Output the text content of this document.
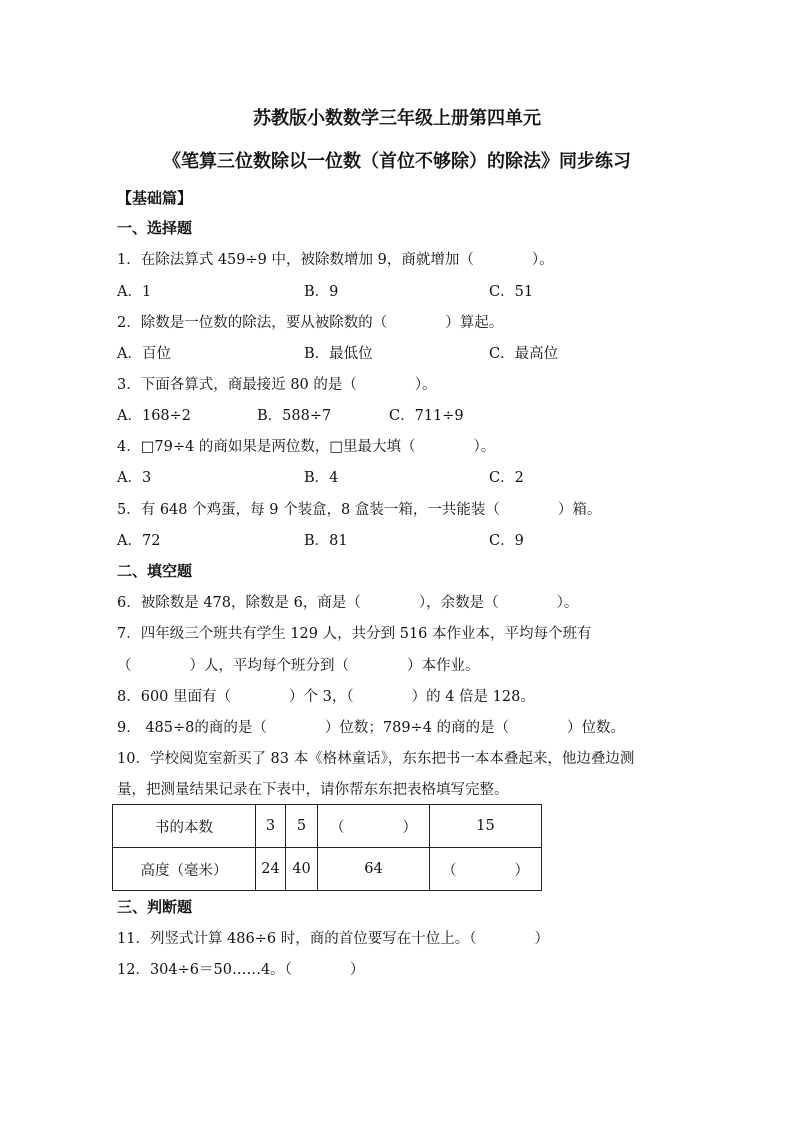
苏教版小数数学三年级上册第四单元
《笔算三位数除以一位数（首位不够除）的除法》同步练习
【基础篇】
一、选择题
1．在除法算式 459÷9 中，被除数增加 9，商就增加（　　　　）。
A．1	B．9	C．51
2．除数是一位数的除法，要从被除数的（　　　　）算起。
A．百位	B．最低位	C．最高位
3．下面各算式，商最接近 80 的是（　　　　）。
A．168÷2	B．588÷7	C．711÷9
4．□79÷4 的商如果是两位数，□里最大填（　　　　）。
A．3	B．4	C．2
5．有 648 个鸡蛋，每 9 个装盒，8 盒装一箱，一共能装（　　　　）箱。
A．72	B．81	C．9
二、填空题
6．被除数是 478，除数是 6，商是（　　　　），余数是（　　　　）。
7．四年级三个班共有学生 129 人，共分到 516 本作业本，平均每个班有
（　　　　）人，平均每个班分到（　　　　）本作业。
8．600 里面有（　　　　）个 3，（　　　　）的 4 倍是 128。
9． 485÷8的商的是（　　　　）位数；789÷4 的商的是（　　　　）位数。
10．学校阅览室新买了 83 本《格林童话》，东东把书一本本叠起来，他边叠边测
量，把测量结果记录在下表中，请你帮东东把表格填写完整。
书的本数	3	5	（　　　　）	15
高度（毫米）	24	40	64	（　　　　）
三、判断题
11．列竖式计算 486÷6 时，商的首位要写在十位上。（　　　　）
12．304÷6＝50……4。（　　　　）
